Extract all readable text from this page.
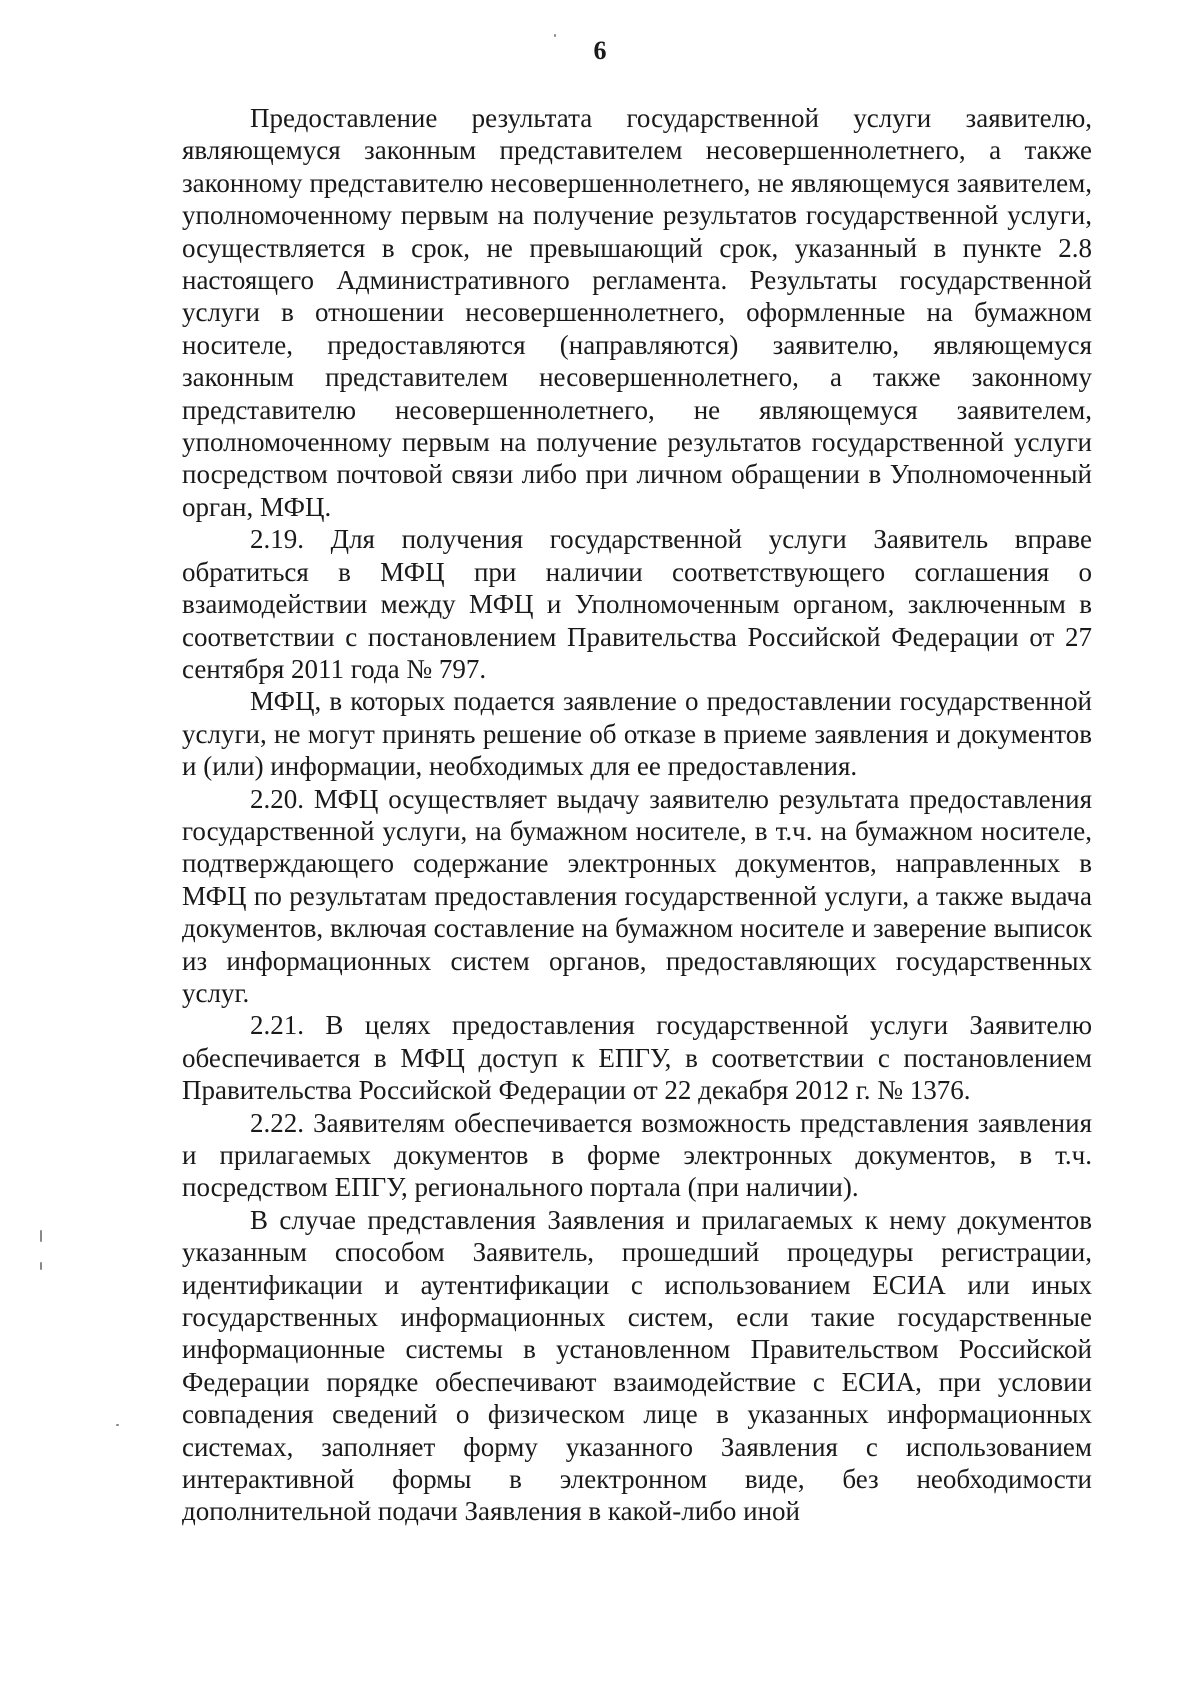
6

Предоставление результата государственной услуги заявителю, являющемуся законным представителем несовершеннолетнего, а также законному представителю несовершеннолетнего, не являющемуся заявителем, уполномоченному первым на получение результатов государственной услуги, осуществляется в срок, не превышающий срок, указанный в пункте 2.8 настоящего Административного регламента. Результаты государственной услуги в отношении несовершеннолетнего, оформленные на бумажном носителе, предоставляются (направляются) заявителю, являющемуся законным представителем несовершеннолетнего, а также законному представителю несовершеннолетнего, не являющемуся заявителем, уполномоченному первым на получение результатов государственной услуги посредством почтовой связи либо при личном обращении в Уполномоченный орган, МФЦ.

2.19. Для получения государственной услуги Заявитель вправе обратиться в МФЦ при наличии соответствующего соглашения о взаимодействии между МФЦ и Уполномоченным органом, заключенным в соответствии с постановлением Правительства Российской Федерации от 27 сентября 2011 года № 797.

МФЦ, в которых подается заявление о предоставлении государственной услуги, не могут принять решение об отказе в приеме заявления и документов и (или) информации, необходимых для ее предоставления.

2.20. МФЦ осуществляет выдачу заявителю результата предоставления государственной услуги, на бумажном носителе, в т.ч. на бумажном носителе, подтверждающего содержание электронных документов, направленных в МФЦ по результатам предоставления государственной услуги, а также выдача документов, включая составление на бумажном носителе и заверение выписок из информационных систем органов, предоставляющих государственных услуг.

2.21. В целях предоставления государственной услуги Заявителю обеспечивается в МФЦ доступ к ЕПГУ, в соответствии с постановлением Правительства Российской Федерации от 22 декабря 2012 г. № 1376.

2.22. Заявителям обеспечивается возможность представления заявления и прилагаемых документов в форме электронных документов, в т.ч. посредством ЕПГУ, регионального портала (при наличии).

В случае представления Заявления и прилагаемых к нему документов указанным способом Заявитель, прошедший процедуры регистрации, идентификации и аутентификации с использованием ЕСИА или иных государственных информационных систем, если такие государственные информационные системы в установленном Правительством Российской Федерации порядке обеспечивают взаимодействие с ЕСИА, при условии совпадения сведений о физическом лице в указанных информационных системах, заполняет форму указанного Заявления с использованием интерактивной формы в электронном виде, без необходимости дополнительной подачи Заявления в какой-либо иной
